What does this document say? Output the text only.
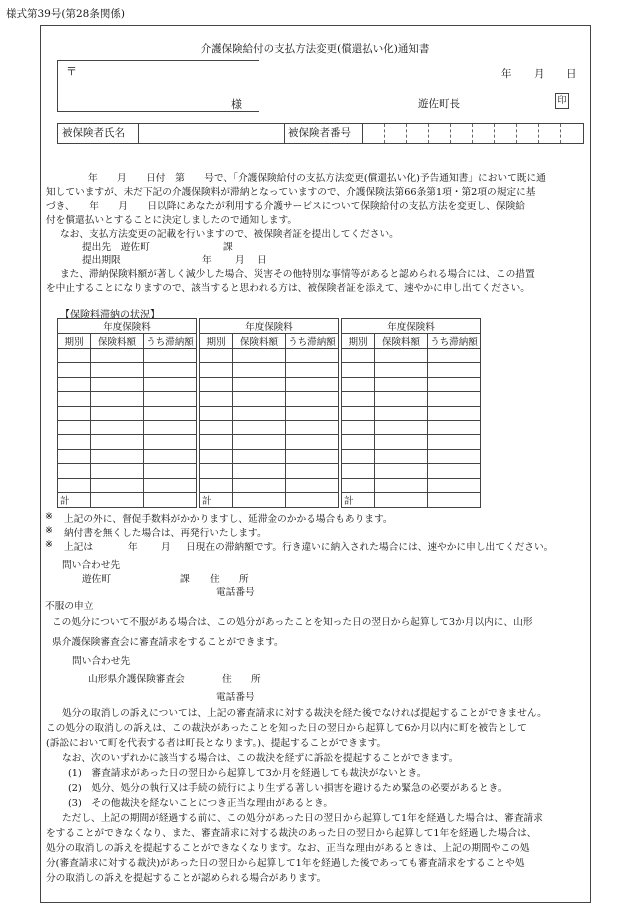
様式第39号(第28条関係)
介護保険給付の支払方法変更(償還払い化)通知書
〒
様
年 月 日
遊佐町長	印
被保険者氏名	被保険者番号
年　　月　　日付　第　　号で、「介護保険給付の支払方法変更(償還払い化)予告通知書」において既に通
知していますが、未だ下記の介護保険料が滞納となっていますので、介護保険法第66条第1項・第2項の規定に基
づき、　　年　　月　　日以降にあなたが利用する介護サービスについて保険給付の支払方法を変更し、保険給
付を償還払いとすることに決定しましたので通知します。
なお、支払方法変更の記載を行いますので、被保険者証を提出してください。
提出先　遊佐町	課
提出期限	年 月 日
また、滞納保険料額が著しく減少した場合、災害その他特別な事情等があると認められる場合には、この措置
を中止することになりますので、該当すると思われる方は、被保険者証を添えて、速やかに申し出てください。
【保険料滞納の状況】
年度保険料				年度保険料				年度保険料		
期別	保険料額	うち滞納額		期別	保険料額	うち滞納額		期別	保険料額	うち滞納額

計				計				計		
※ 上記の外に、督促手数料がかかりますし、延滞金のかかる場合もあります。
※ 納付書を無くした場合は、再発行いたします。
※ 上記は	年 月 日現在の滞納額です。行き違いに納入された場合には、速やかに申し出てください。
問い合わせ先
遊佐町	課 住　　所
電話番号
不服の申立
この処分について不服がある場合は、この処分があったことを知った日の翌日から起算して3か月以内に、山形
県介護保険審査会に審査請求をすることができます。
問い合わせ先
山形県介護保険審査会	住　　所
電話番号
処分の取消しの訴えについては、上記の審査請求に対する裁決を経た後でなければ提起することができません。
この処分の取消しの訴えは、この裁決があったことを知った日の翌日から起算して6か月以内に町を被告として
(訴訟において町を代表する者は町長となります。)、提起することができます。
なお、次のいずれかに該当する場合は、この裁決を経ずに訴訟を提起することができます。
(1)　審査請求があった日の翌日から起算して3か月を経過しても裁決がないとき。
(2)　処分、処分の執行又は手続の続行により生ずる著しい損害を避けるため緊急の必要があるとき。
(3)　その他裁決を経ないことにつき正当な理由があるとき。
ただし、上記の期間が経過する前に、この処分があった日の翌日から起算して1年を経過した場合は、審査請求
をすることができなくなり、また、審査請求に対する裁決のあった日の翌日から起算して1年を経過した場合は、
処分の取消しの訴えを提起することができなくなります。なお、正当な理由があるときは、上記の期間やこの処
分(審査請求に対する裁決)があった日の翌日から起算して1年を経過した後であっても審査請求をすることや処
分の取消しの訴えを提起することが認められる場合があります。
